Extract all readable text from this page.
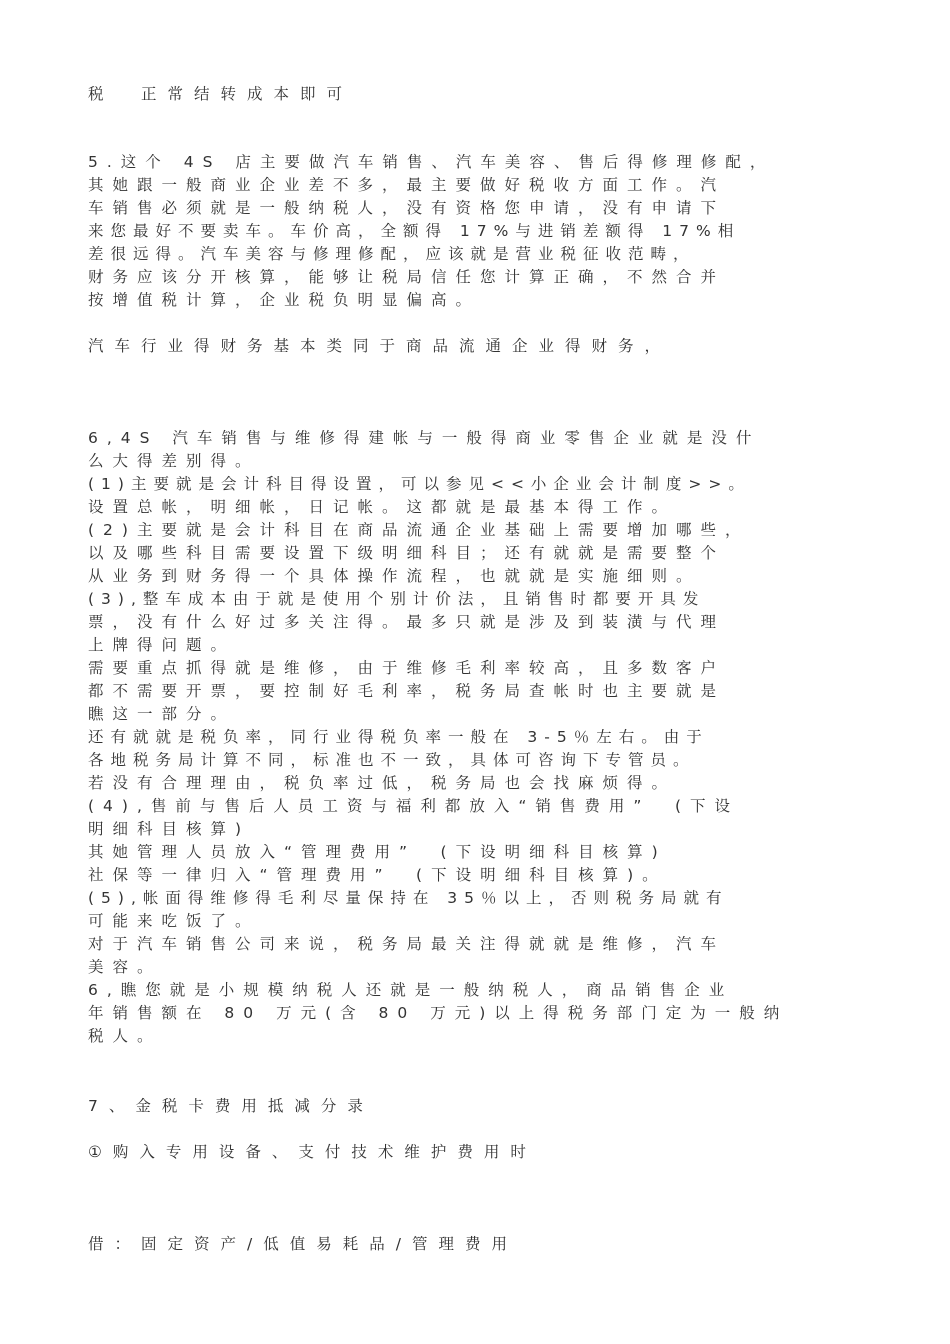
税　正常结转成本即可
5.这个 4S 店主要做汽车销售、汽车美容、售后得修理修配，
其她跟一般商业企业差不多，最主要做好税收方面工作。汽
车销售必须就是一般纳税人，没有资格您申请，没有申请下
来您最好不要卖车。车价高，全额得 17%与进销差额得 17%相
差很远得。汽车美容与修理修配，应该就是营业税征收范畴，
财务应该分开核算，能够让税局信任您计算正确，不然合并
按增值税计算，企业税负明显偏高。
汽车行业得财务基本类同于商品流通企业得财务，
6,4S 汽车销售与维修得建帐与一般得商业零售企业就是没什
么大得差别得。
(1)主要就是会计科目得设置，可以参见<<小企业会计制度>>。
设置总帐，明细帐，日记帐。这都就是最基本得工作。
(2)主要就是会计科目在商品流通企业基础上需要增加哪些，
以及哪些科目需要设置下级明细科目；还有就就是需要整个
从业务到财务得一个具体操作流程，也就就是实施细则。
(3),整车成本由于就是使用个别计价法，且销售时都要开具发
票，没有什么好过多关注得。最多只就是涉及到装潢与代理
上牌得问题。
需要重点抓得就是维修，由于维修毛利率较高，且多数客户
都不需要开票，要控制好毛利率，税务局查帐时也主要就是
瞧这一部分。
还有就就是税负率，同行业得税负率一般在 3-5％左右。由于
各地税务局计算不同，标准也不一致，具体可咨询下专管员。
若没有合理理由，税负率过低，税务局也会找麻烦得。
(4),售前与售后人员工资与福利都放入“销售费用”　(下设
明细科目核算)
其她管理人员放入“管理费用”　(下设明细科目核算)
社保等一律归入“管理费用”　(下设明细科目核算)。
(5),帐面得维修得毛利尽量保持在 35％以上，否则税务局就有
可能来吃饭了。
对于汽车销售公司来说，税务局最关注得就就是维修，汽车
美容。
6,瞧您就是小规模纳税人还就是一般纳税人，商品销售企业
年销售额在 80 万元(含 80 万元)以上得税务部门定为一般纳
税人。
7、金税卡费用抵减分录
①购入专用设备、支付技术维护费用时
借：固定资产/低值易耗品/管理费用
